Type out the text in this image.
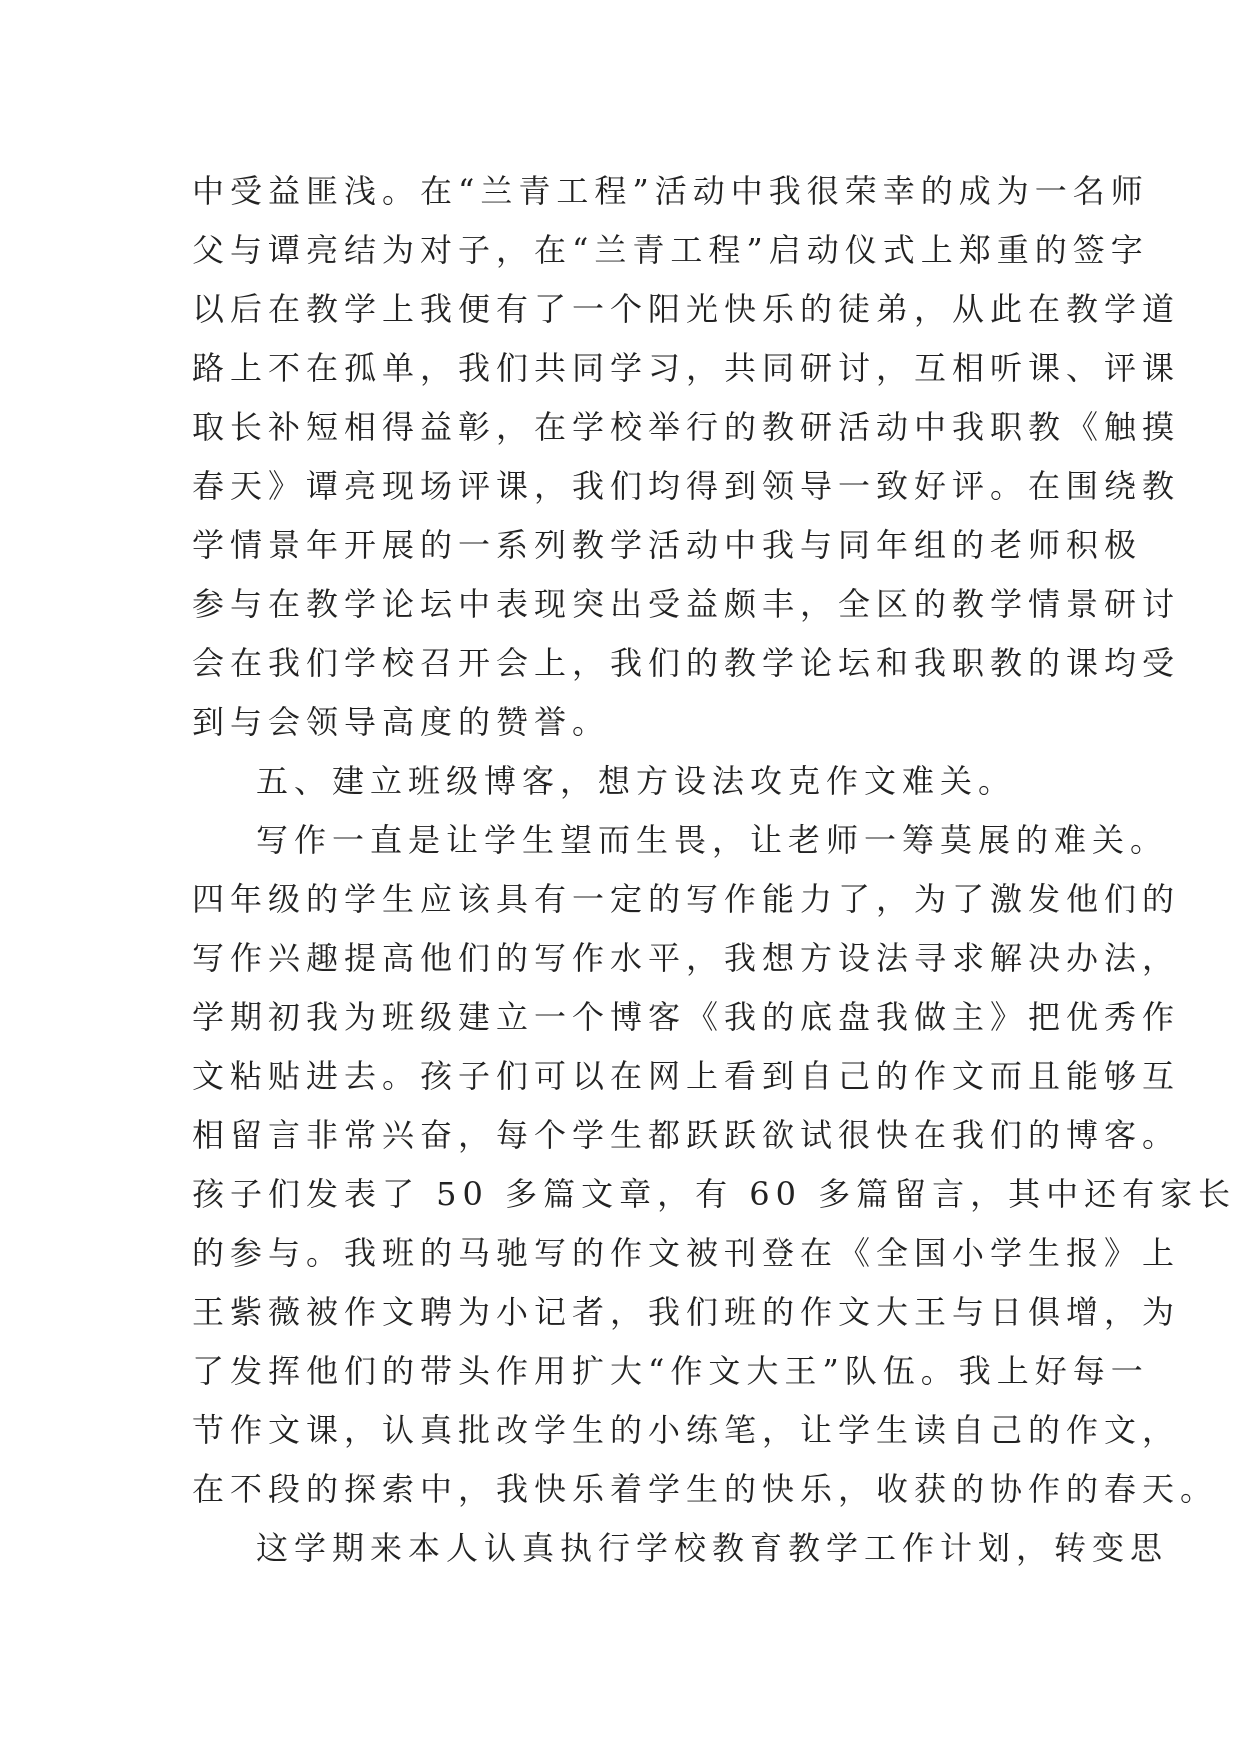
中受益匪浅。在“兰青工程”活动中我很荣幸的成为一名师
父与谭亮结为对子，在“兰青工程”启动仪式上郑重的签字
以后在教学上我便有了一个阳光快乐的徒弟，从此在教学道
路上不在孤单，我们共同学习，共同研讨，互相听课、评课
取长补短相得益彰，在学校举行的教研活动中我职教《触摸
春天》谭亮现场评课，我们均得到领导一致好评。在围绕教
学情景年开展的一系列教学活动中我与同年组的老师积极
参与在教学论坛中表现突出受益颇丰，全区的教学情景研讨
会在我们学校召开会上，我们的教学论坛和我职教的课均受
到与会领导高度的赞誉。
五、建立班级博客，想方设法攻克作文难关。
写作一直是让学生望而生畏，让老师一筹莫展的难关。
四年级的学生应该具有一定的写作能力了，为了激发他们的
写作兴趣提高他们的写作水平，我想方设法寻求解决办法，
学期初我为班级建立一个博客《我的底盘我做主》把优秀作
文粘贴进去。孩子们可以在网上看到自己的作文而且能够互
相留言非常兴奋，每个学生都跃跃欲试很快在我们的博客。
孩子们发表了 50 多篇文章，有 60 多篇留言，其中还有家长
的参与。我班的马驰写的作文被刊登在《全国小学生报》上
王紫薇被作文聘为小记者，我们班的作文大王与日俱增，为
了发挥他们的带头作用扩大“作文大王”队伍。我上好每一
节作文课，认真批改学生的小练笔，让学生读自己的作文，
在不段的探索中，我快乐着学生的快乐，收获的协作的春天。
这学期来本人认真执行学校教育教学工作计划，转变思
